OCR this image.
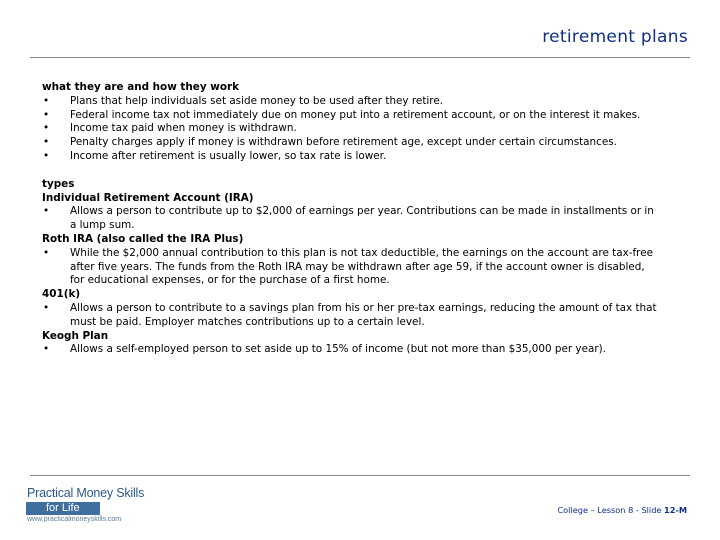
retirement plans
what they are and how they work
• Plans that help individuals set aside money to be used after they retire.
• Federal income tax not immediately due on money put into a retirement account, or on the interest it makes.
• Income tax paid when money is withdrawn.
• Penalty charges apply if money is withdrawn before retirement age, except under certain circumstances.
• Income after retirement is usually lower, so tax rate is lower.
types
Individual Retirement Account (IRA)
• Allows a person to contribute up to $2,000 of earnings per year. Contributions can be made in installments or in a lump sum.
Roth IRA (also called the IRA Plus)
• While the $2,000 annual contribution to this plan is not tax deductible, the earnings on the account are tax-free after five years. The funds from the Roth IRA may be withdrawn after age 59, if the account owner is disabled, for educational expenses, or for the purchase of a first home.
401(k)
• Allows a person to contribute to a savings plan from his or her pre-tax earnings, reducing the amount of tax that must be paid. Employer matches contributions up to a certain level.
Keogh Plan
• Allows a self-employed person to set aside up to 15% of income (but not more than $35,000 per year).
Practical Money Skills
for Life
www.practicalmoneyskills.com
College – Lesson 8 - Slide 12-M
